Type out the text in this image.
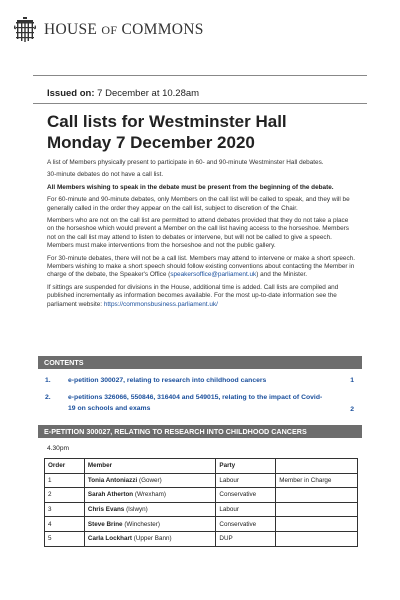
HOUSE OF COMMONS
Issued on: 7 December at 10.28am
Call lists for Westminster Hall
Monday 7 December 2020

A list of Members physically present to participate in 60- and 90-minute Westminster Hall debates.

30-minute debates do not have a call list.

All Members wishing to speak in the debate must be present from the beginning of the debate.

For 60-minute and 90-minute debates, only Members on the call list will be called to speak, and they will be generally called in the order they appear on the call list, subject to discretion of the Chair.

Members who are not on the call list are permitted to attend debates provided that they do not take a place on the horseshoe which would prevent a Member on the call list having access to the horseshoe. Members not on the call list may attend to listen to debates or intervene, but will not be called to give a speech. Members must make interventions from the horseshoe and not the public gallery.

For 30-minute debates, there will not be a call list. Members may attend to intervene or make a short speech. Members wishing to make a short speech should follow existing conventions about contacting the Member in charge of the debate, the Speaker's Office (speakersoffice@parliament.uk) and the Minister.

If sittings are suspended for divisions in the House, additional time is added. Call lists are compiled and published incrementally as information becomes available. For the most up-to-date information see the parliament website: https://commonsbusiness.parliament.uk/

CONTENTS
1.	e-petition 300027, relating to research into childhood cancers	1
2.	e-petitions 326066, 550846, 316404 and 549015, relating to the impact of Covid-19 on schools and exams	2
E-PETITION 300027, RELATING TO RESEARCH INTO CHILDHOOD CANCERS
4.30pm
Order	Member	Party	
1	Tonia Antoniazzi (Gower)	Labour	Member in Charge
2	Sarah Atherton (Wrexham)	Conservative	
3	Chris Evans (Islwyn)	Labour	
4	Steve Brine (Winchester)	Conservative	
5	Carla Lockhart (Upper Bann)	DUP	
